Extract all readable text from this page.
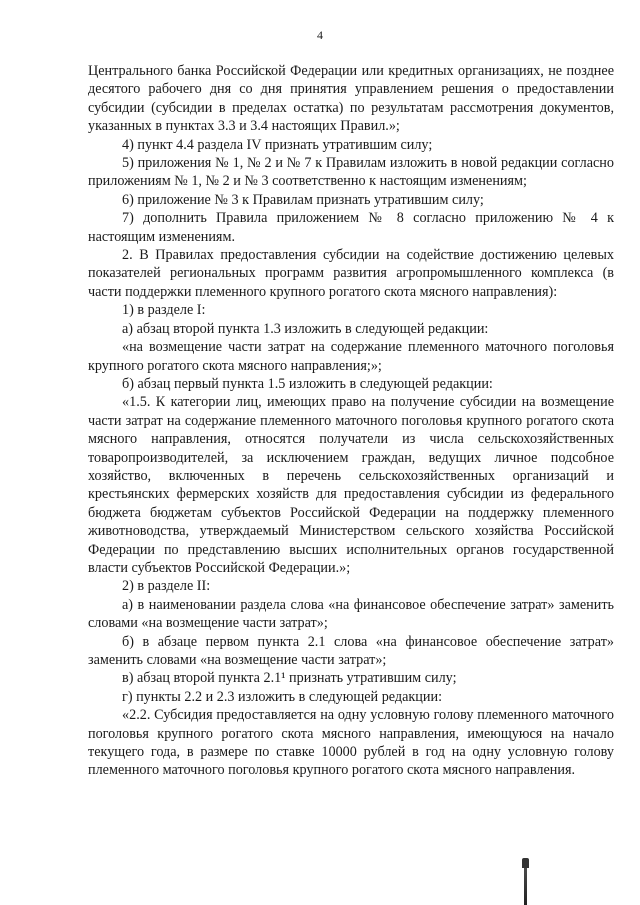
4

Центрального банка Российской Федерации или кредитных организациях, не позднее десятого рабочего дня со дня принятия управлением решения о предоставлении субсидии (субсидии в пределах остатка) по результатам рассмотрения документов, указанных в пунктах 3.3 и 3.4 настоящих Правил.»;

4) пункт 4.4 раздела IV признать утратившим силу;

5) приложения № 1, № 2 и № 7 к Правилам изложить в новой редакции согласно приложениям № 1, № 2 и № 3 соответственно к настоящим изменениям;

6) приложение № 3 к Правилам признать утратившим силу;

7) дополнить Правила приложением № 8 согласно приложению № 4 к настоящим изменениям.

2. В Правилах предоставления субсидии на содействие достижению целевых показателей региональных программ развития агропромышленного комплекса (в части поддержки племенного крупного рогатого скота мясного направления):

1) в разделе I:

а) абзац второй пункта 1.3 изложить в следующей редакции:

«на возмещение части затрат на содержание племенного маточного поголовья крупного рогатого скота мясного направления;»;

б) абзац первый пункта 1.5 изложить в следующей редакции:

«1.5. К категории лиц, имеющих право на получение субсидии на возмещение части затрат на содержание племенного маточного поголовья крупного рогатого скота мясного направления, относятся получатели из числа сельскохозяйственных товаропроизводителей, за исключением граждан, ведущих личное подсобное хозяйство, включенных в перечень сельскохозяйственных организаций и крестьянских фермерских хозяйств для предоставления субсидии из федерального бюджета бюджетам субъектов Российской Федерации на поддержку племенного животноводства, утверждаемый Министерством сельского хозяйства Российской Федерации по представлению высших исполнительных органов государственной власти субъектов Российской Федерации.»;

2) в разделе II:

а) в наименовании раздела слова «на финансовое обеспечение затрат» заменить словами «на возмещение части затрат»;

б) в абзаце первом пункта 2.1 слова «на финансовое обеспечение затрат» заменить словами «на возмещение части затрат»;

в) абзац второй пункта 2.1¹ признать утратившим силу;

г) пункты 2.2 и 2.3 изложить в следующей редакции:

«2.2. Субсидия предоставляется на одну условную голову племенного маточного поголовья крупного рогатого скота мясного направления, имеющуюся на начало текущего года, в размере по ставке 10000 рублей в год на одну условную голову племенного маточного поголовья крупного рогатого скота мясного направления.
